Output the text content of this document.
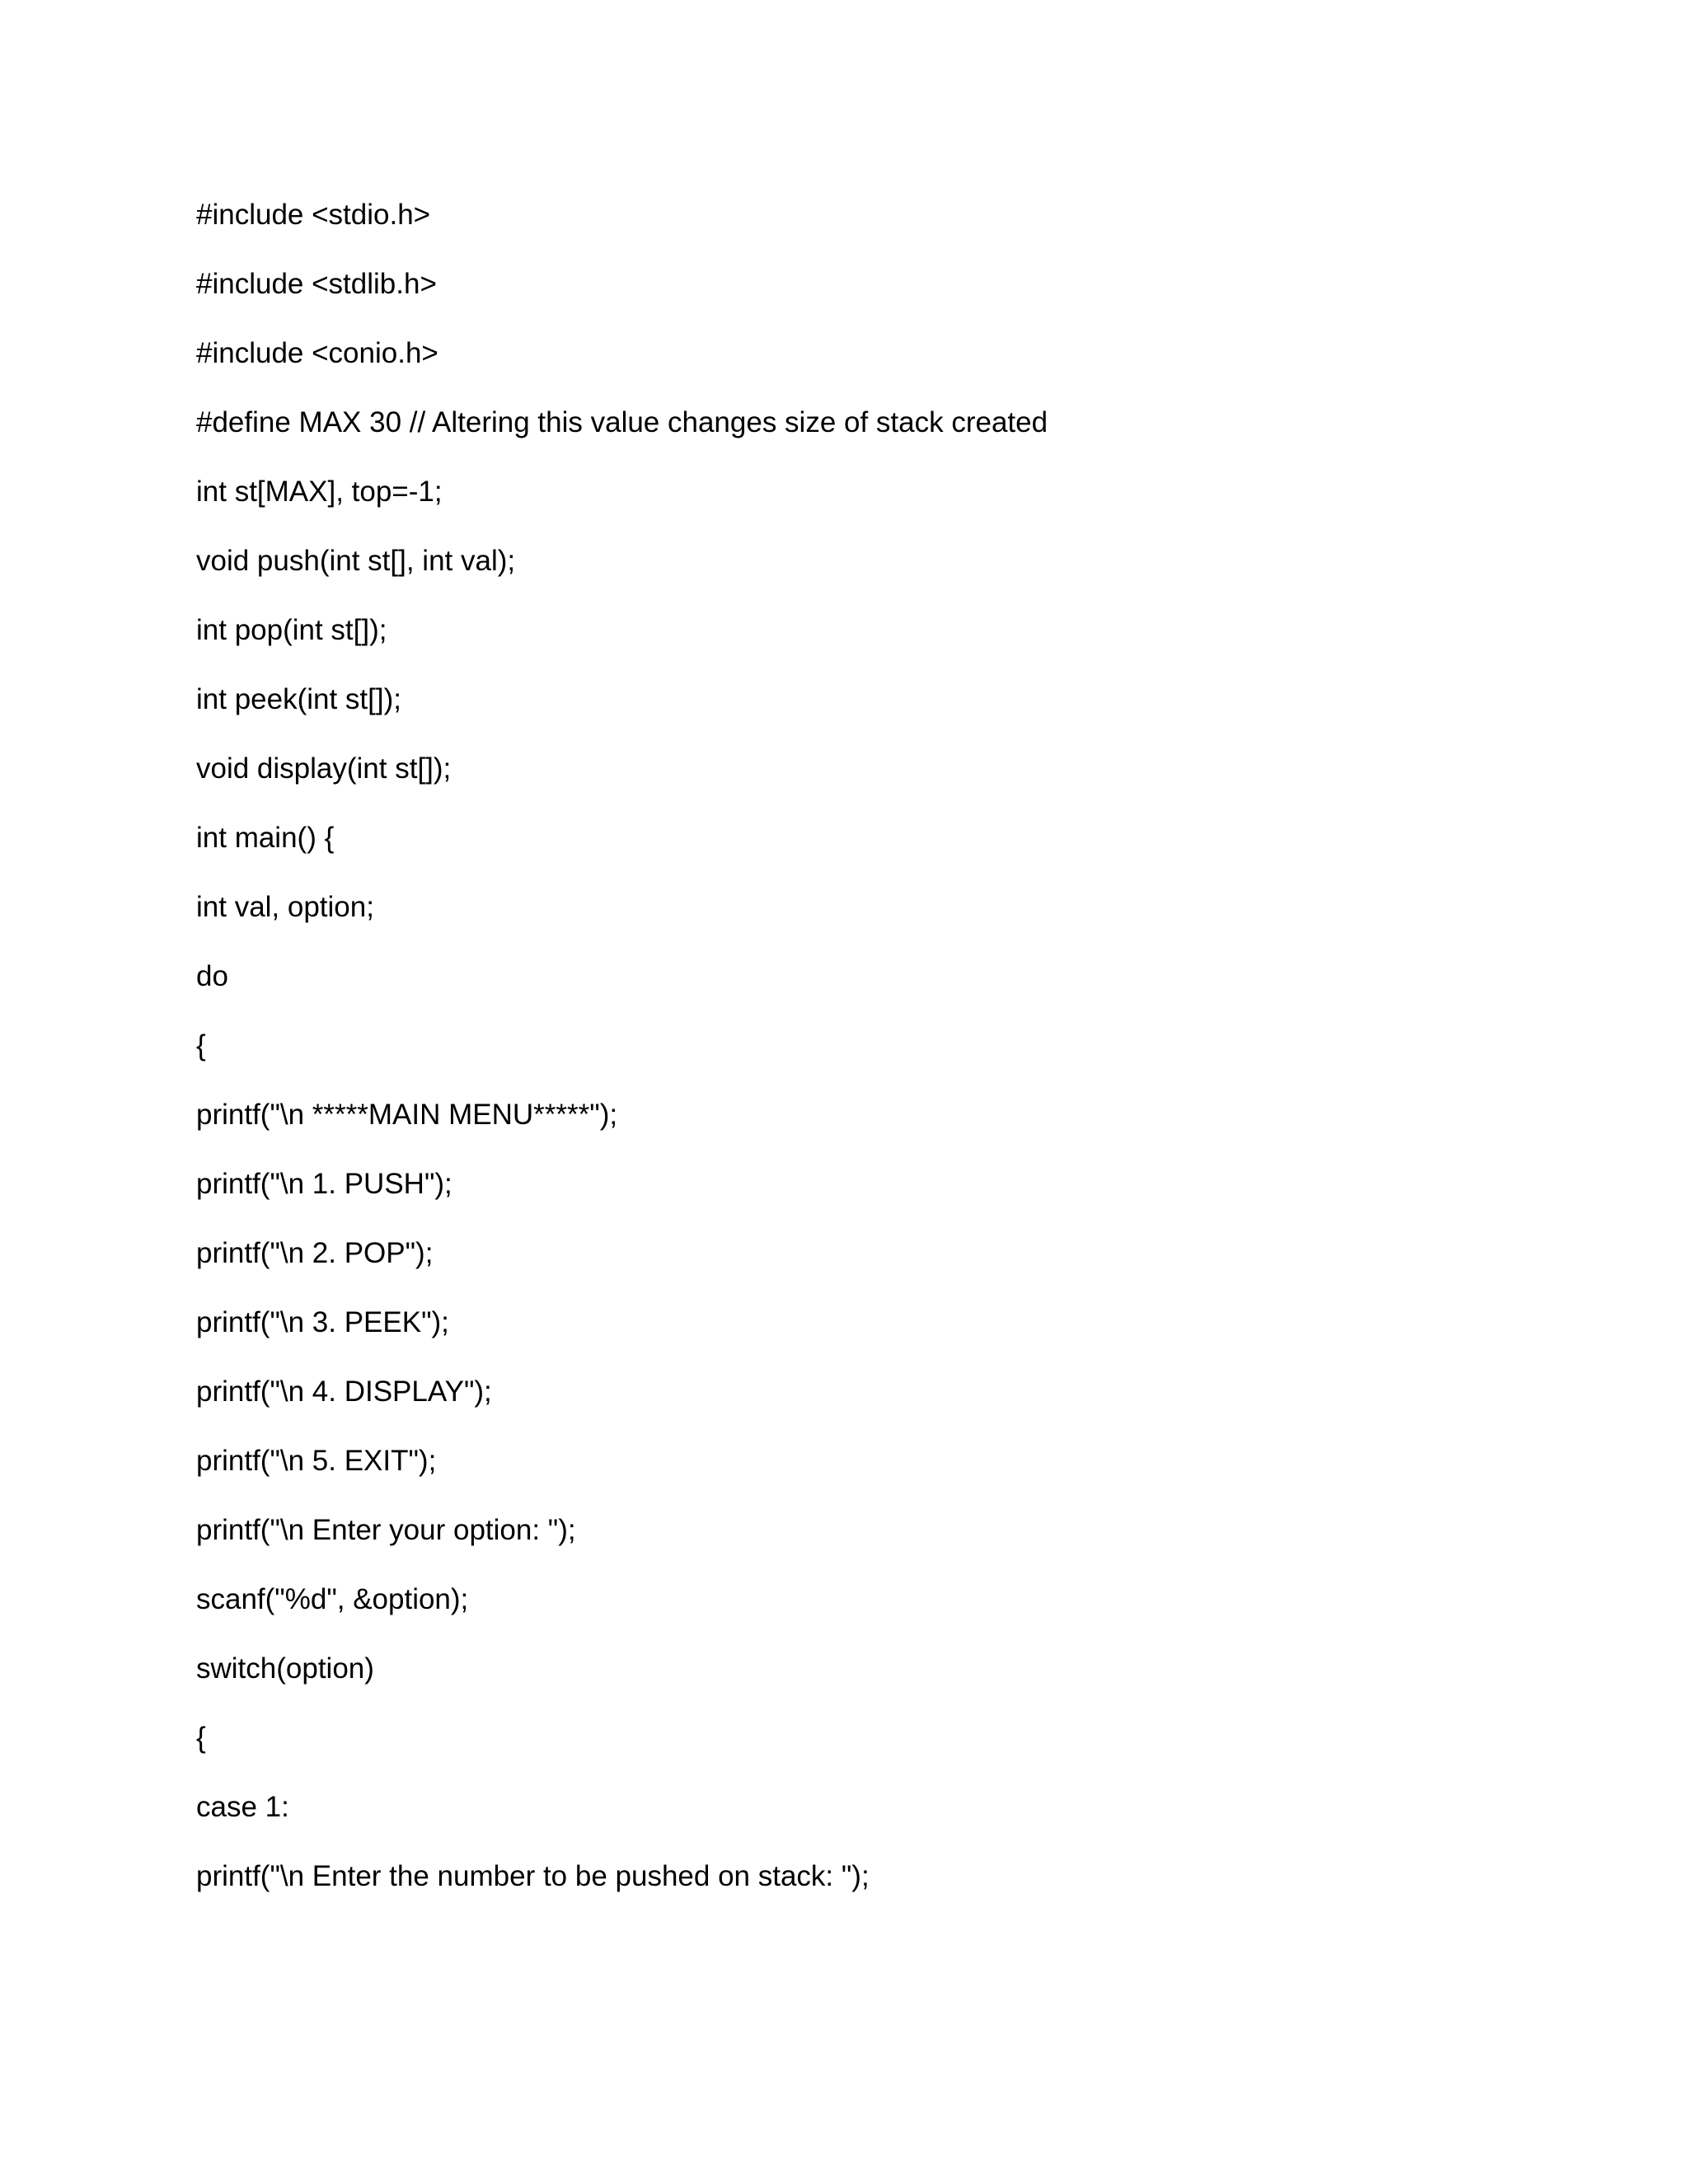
#include <stdio.h>
#include <stdlib.h>
#include <conio.h>
#define MAX 30 // Altering this value changes size of stack created
int st[MAX], top=-1;
void push(int st[], int val);
int pop(int st[]);
int peek(int st[]);
void display(int st[]);
int main() {
int val, option;
do
{
printf("\n *****MAIN MENU*****");
printf("\n 1. PUSH");
printf("\n 2. POP");
printf("\n 3. PEEK");
printf("\n 4. DISPLAY");
printf("\n 5. EXIT");
printf("\n Enter your option: ");
scanf("%d", &option);
switch(option)
{
case 1:
printf("\n Enter the number to be pushed on stack: ");
